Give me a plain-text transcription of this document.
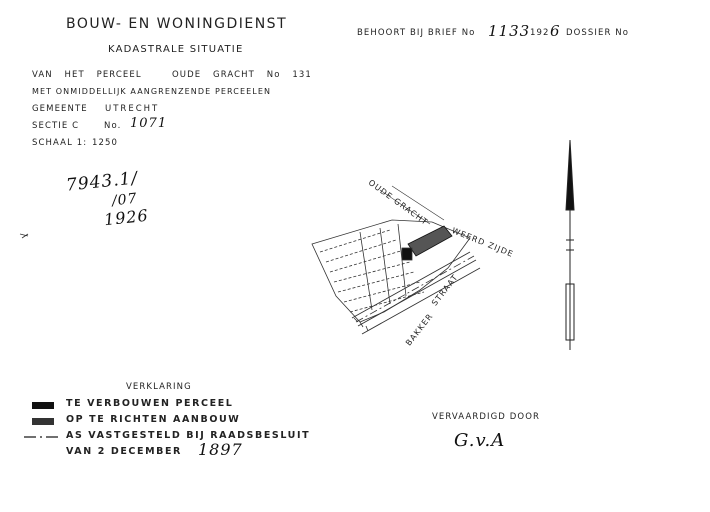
BOUW- EN WONINGDIENST
KADASTRALE SITUATIE
BEHOORT BIJ BRIEF No 1133 192 6 DOSSIER No
VAN HET PERCEEL	OUDE GRACHT No 131
MET ONMIDDELLIJK AANGRENZENDE PERCEELEN
GEMEENTE UTRECHT
SECTIE C	No. 1071
SCHAAL 1: 1250
7943.1/
/07
1926	OUDE GRACHT
WEERD ZIJDE
BAKKER
STRAAT
VERKLARING
TE VERBOUWEN PERCEEL
OP TE RICHTEN AANBOUW
AS VASTGESTELD BIJ RAADSBESLUIT
VAN 2 DECEMBER 1897
VERVAARDIGD DOOR
G.v.A
